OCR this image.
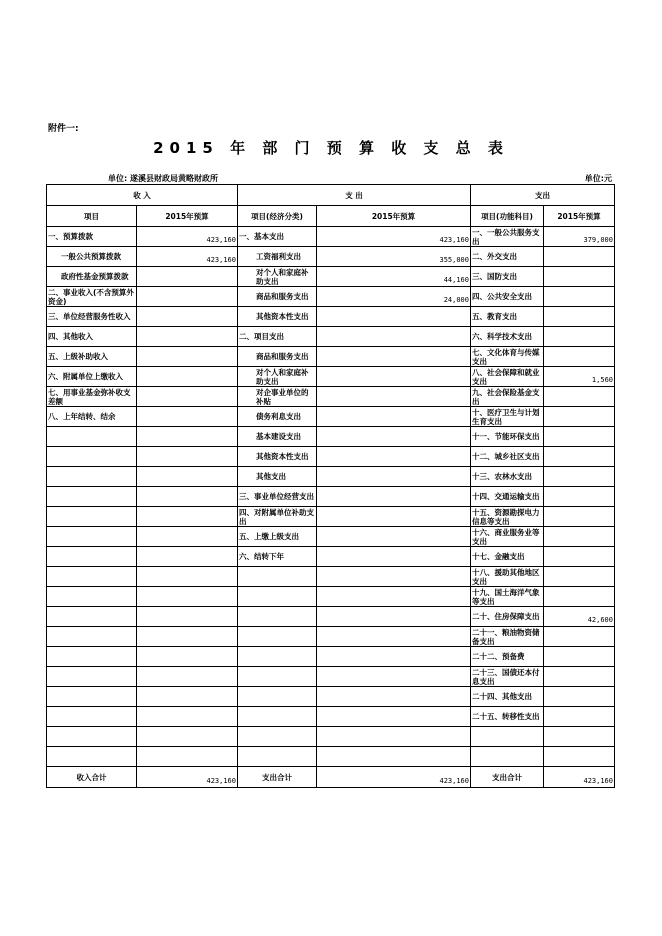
附件一:
2015 年 部 门 预 算 收 支 总 表
单位: 遂溪县财政局黄略财政所	单位:元
收 入		支 出		支出	
项目	2015年预算	项目(经济分类)	2015年预算	项目(功能科目)	2015年预算
一、预算拨款	423,160	一、基本支出	423,160	一、一般公共服务支出	379,000
一般公共预算拨款	423,160	工资福利支出	355,000	二、外交支出	
政府性基金预算拨款		对个人和家庭补助支出	44,160	三、国防支出	
二、事业收入(不含预算外资金)		商品和服务支出	24,000	四、公共安全支出	
三、单位经营服务性收入		其他资本性支出		五、教育支出	
四、其他收入		二、项目支出		六、科学技术支出	
五、上级补助收入		商品和服务支出		七、文化体育与传媒支出	
六、附属单位上缴收入		对个人和家庭补助支出		八、社会保障和就业支出	1,560
七、用事业基金弥补收支差额		对企事业单位的补贴		九、社会保险基金支出	
八、上年结转、结余		债务利息支出		十、医疗卫生与计划生育支出	
		基本建设支出		十一、节能环保支出	
		其他资本性支出		十二、城乡社区支出	
		其他支出		十三、农林水支出	
		三、事业单位经营支出		十四、交通运输支出	
		四、对附属单位补助支出		十五、资源勘探电力信息等支出	
		五、上缴上级支出		十六、商业服务业等支出	
		六、结转下年		十七、金融支出	
				十八、援助其他地区支出	
				十九、国土海洋气象等支出	
				二十、住房保障支出	42,600
				二十一、粮油物资储备支出	
				二十二、预备费	
				二十三、国债还本付息支出	
				二十四、其他支出	
				二十五、转移性支出	

收入合计	423,160	支出合计	423,160	支出合计	423,160
